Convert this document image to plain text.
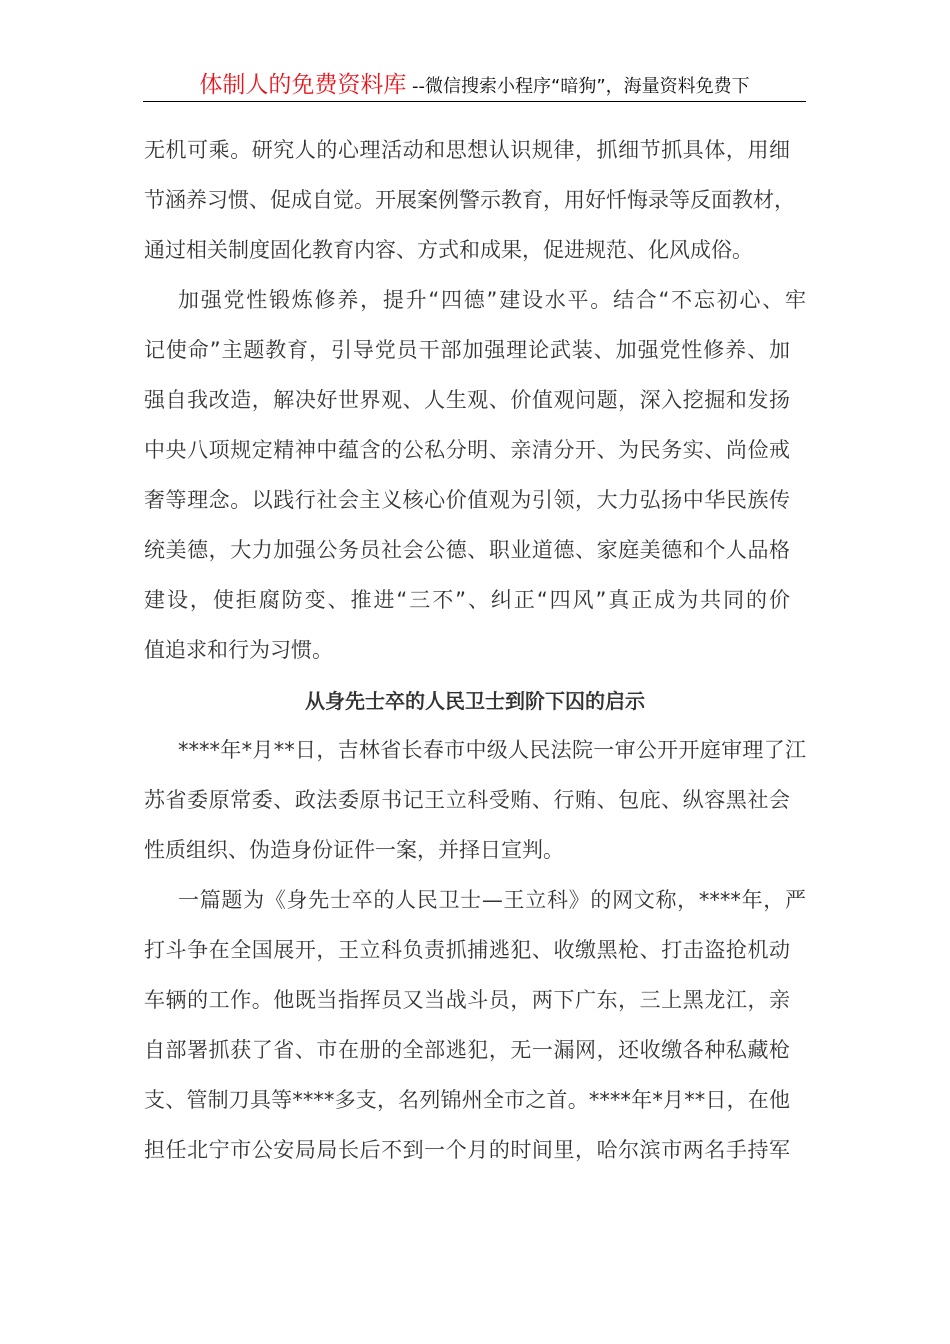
体制人的免费资料库 --微信搜索小程序“暗狗”，海量资料免费下
无机可乘。研究人的心理活动和思想认识规律，抓细节抓具体，用细
节涵养习惯、促成自觉。开展案例警示教育，用好忏悔录等反面教材，
通过相关制度固化教育内容、方式和成果，促进规范、化风成俗。
加强党性锻炼修养，提升“四德”建设水平。结合“不忘初心、牢
记使命”主题教育，引导党员干部加强理论武装、加强党性修养、加
强自我改造，解决好世界观、人生观、价值观问题，深入挖掘和发扬
中央八项规定精神中蕴含的公私分明、亲清分开、为民务实、尚俭戒
奢等理念。以践行社会主义核心价值观为引领，大力弘扬中华民族传
统美德，大力加强公务员社会公德、职业道德、家庭美德和个人品格
建设，使拒腐防变、推进“三不”、纠正“四风”真正成为共同的价
值追求和行为习惯。
从身先士卒的人民卫士到阶下囚的启示
****年*月**日，吉林省长春市中级人民法院一审公开开庭审理了江
苏省委原常委、政法委原书记王立科受贿、行贿、包庇、纵容黑社会
性质组织、伪造身份证件一案，并择日宣判。
一篇题为《身先士卒的人民卫士—王立科》的网文称，****年，严
打斗争在全国展开，王立科负责抓捕逃犯、收缴黑枪、打击盗抢机动
车辆的工作。他既当指挥员又当战斗员，两下广东，三上黑龙江，亲
自部署抓获了省、市在册的全部逃犯，无一漏网，还收缴各种私藏枪
支、管制刀具等****多支，名列锦州全市之首。****年*月**日，在他
担任北宁市公安局局长后不到一个月的时间里，哈尔滨市两名手持军
